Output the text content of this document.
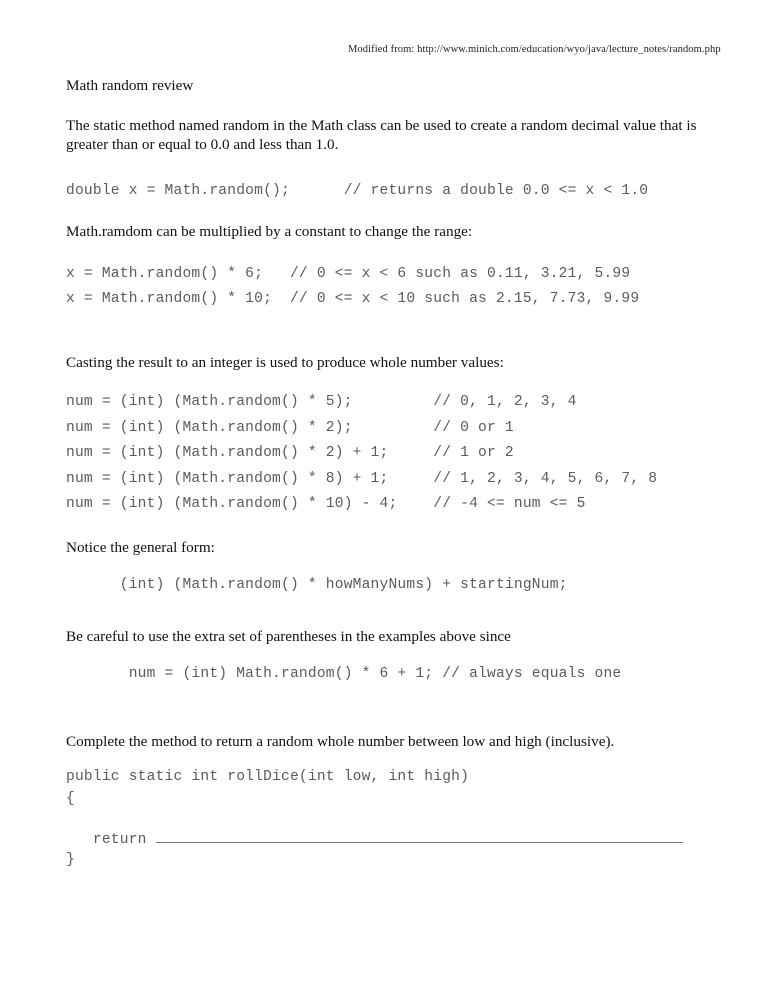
Modified from: http://www.minich.com/education/wyo/java/lecture_notes/random.php

Math random review

The static method named random in the Math class can be used to create a random decimal value that is greater than or equal to 0.0 and less than 1.0.

double x = Math.random();      // returns a double 0.0 <= x < 1.0

Math.ramdom can be multiplied by a constant to change the range:

x = Math.random() * 6;   // 0 <= x < 6 such as 0.11, 3.21, 5.99
x = Math.random() * 10;  // 0 <= x < 10 such as 2.15, 7.73, 9.99

Casting the result to an integer is used to produce whole number values:

num = (int) (Math.random() * 5);         // 0, 1, 2, 3, 4
num = (int) (Math.random() * 2);         // 0 or 1
num = (int) (Math.random() * 2) + 1;     // 1 or 2
num = (int) (Math.random() * 8) + 1;     // 1, 2, 3, 4, 5, 6, 7, 8
num = (int) (Math.random() * 10) - 4;    // -4 <= num <= 5

Notice the general form:

(int) (Math.random() * howManyNums) + startingNum;

Be careful to use the extra set of parentheses in the examples above since

num = (int) Math.random() * 6 + 1; // always equals one

Complete the method to return a random whole number between low and high (inclusive).

public static int rollDice(int low, int high)
{
return
}
